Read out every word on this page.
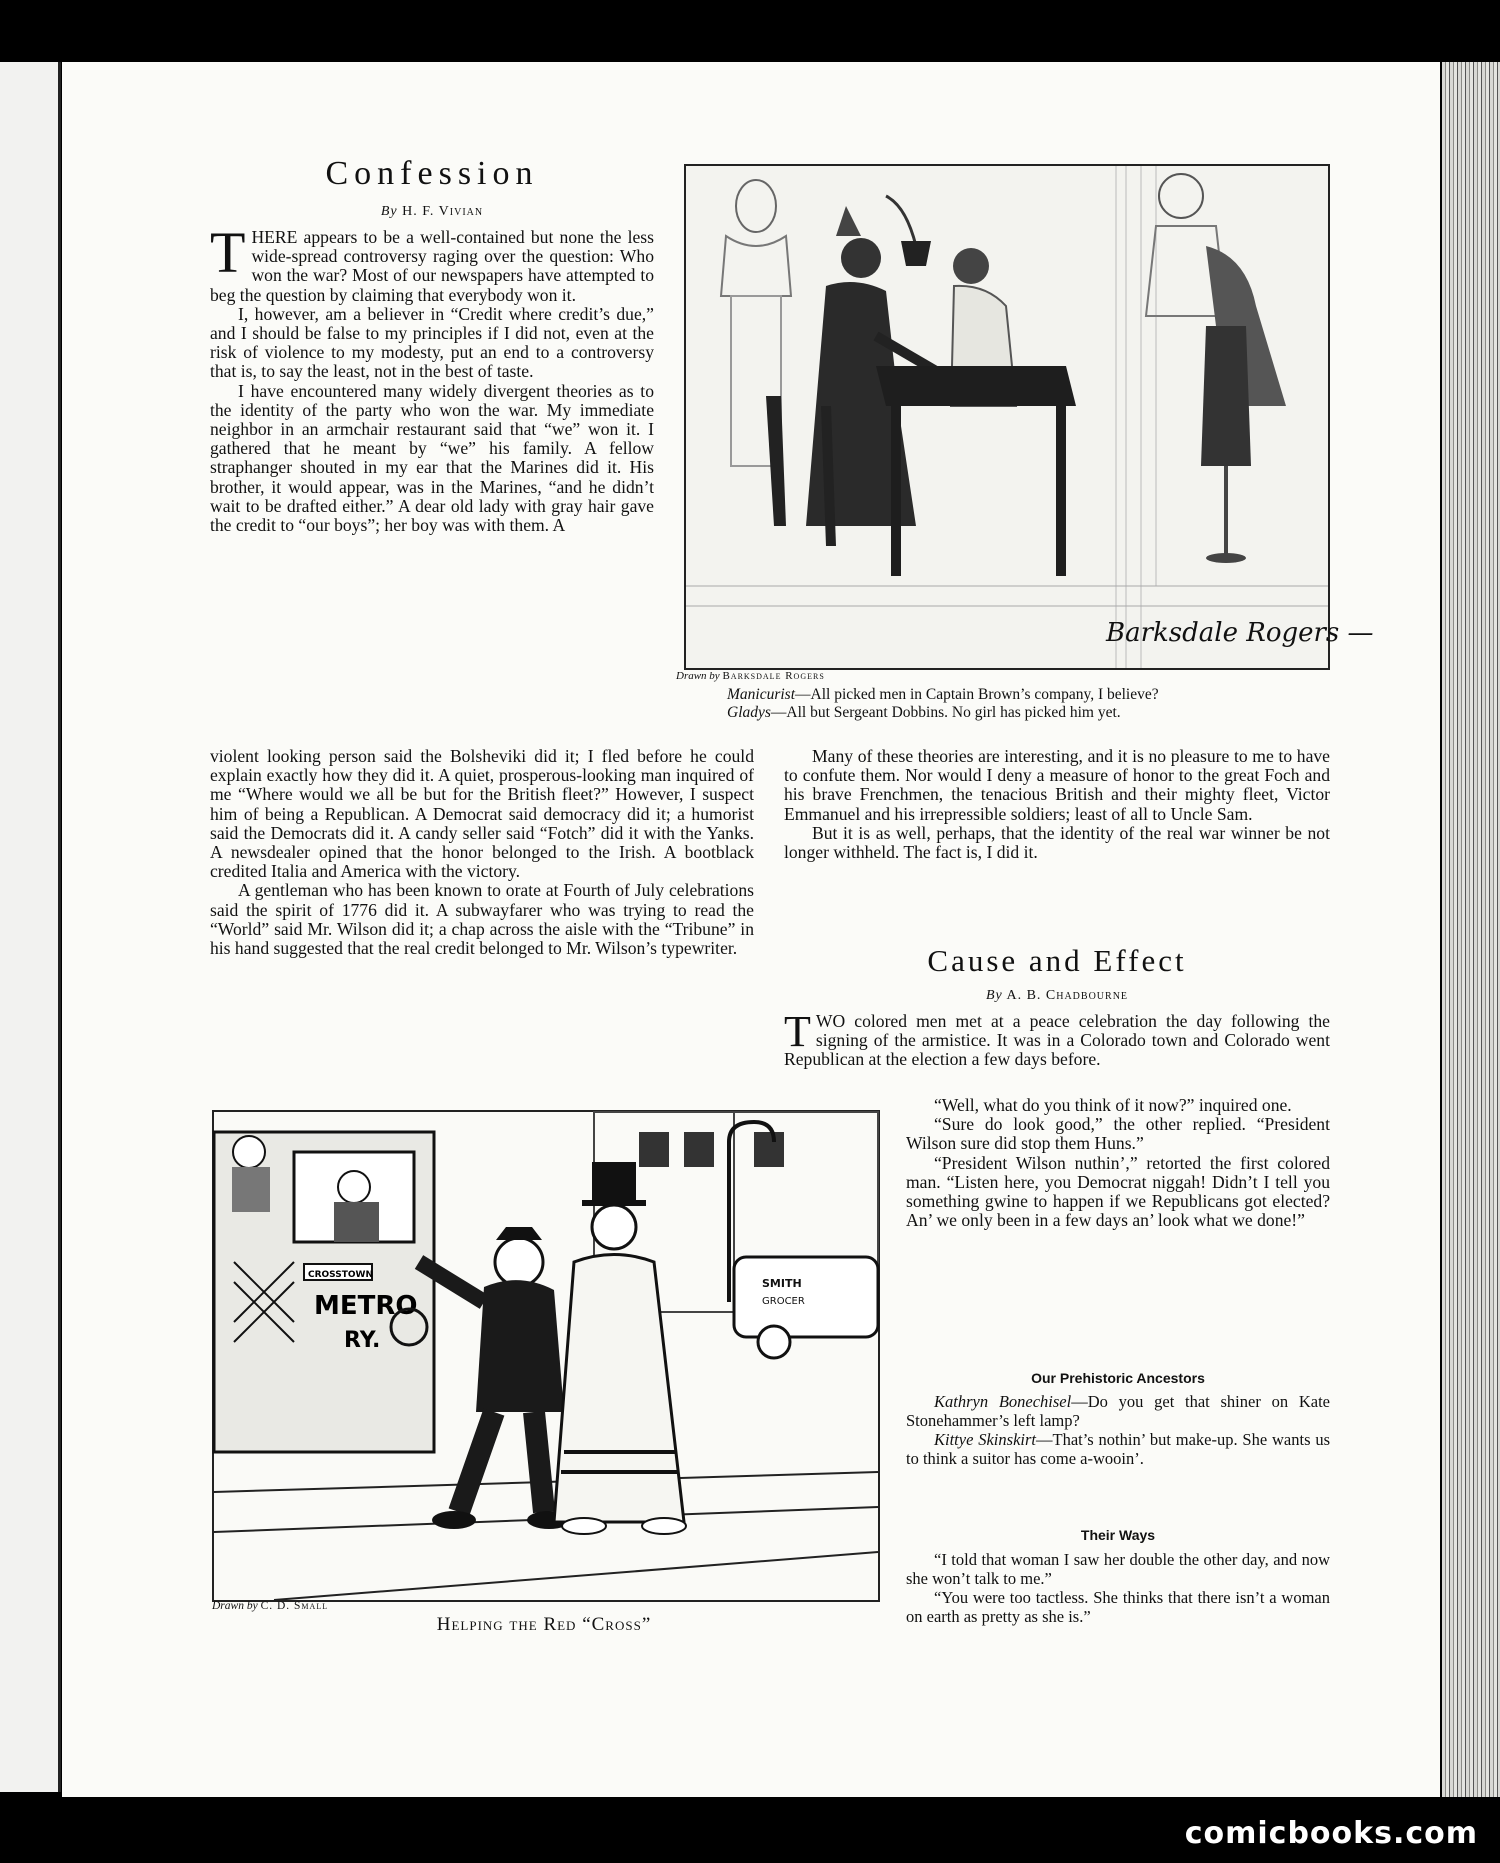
Confession
By H. F. Vivian

THERE appears to be a well-contained but none the less wide-spread controversy raging over the question: Who won the war? Most of our newspapers have attempted to beg the question by claiming that everybody won it.

I, however, am a believer in “Credit where credit’s due,” and I should be false to my principles if I did not, even at the risk of violence to my modesty, put an end to a controversy that is, to say the least, not in the best of taste.

I have encountered many widely divergent theories as to the identity of the party who won the war. My immediate neighbor in an armchair restaurant said that “we” won it. I gathered that he meant by “we” his family. A fellow straphanger shouted in my ear that the Marines did it. His brother, it would appear, was in the Marines, “and he didn’t wait to be drafted either.” A dear old lady with gray hair gave the credit to “our boys”; her boy was with them. A

violent looking person said the Bolsheviki did it; I fled before he could explain exactly how they did it. A quiet, prosperous-looking man inquired of me “Where would we all be but for the British fleet?” However, I suspect him of being a Republican. A Democrat said democracy did it; a humorist said the Democrats did it. A candy seller said “Fotch” did it with the Yanks. A newsdealer opined that the honor belonged to the Irish. A bootblack credited Italia and America with the victory.

A gentleman who has been known to orate at Fourth of July celebrations said the spirit of 1776 did it. A subwayfarer who was trying to read the “World” said Mr. Wilson did it; a chap across the aisle with the “Tribune” in his hand suggested that the real credit belonged to Mr. Wilson’s typewriter.

Barksdale Rogers —
Drawn by Barksdale Rogers
Manicurist—All picked men in Captain Brown’s company, I believe?
Gladys—All but Sergeant Dobbins. No girl has picked him yet.

Many of these theories are interesting, and it is no pleasure to me to have to confute them. Nor would I deny a measure of honor to the great Foch and his brave Frenchmen, the tenacious British and their mighty fleet, Victor Emmanuel and his irrepressible soldiers; least of all to Uncle Sam.

But it is as well, perhaps, that the identity of the real war winner be not longer withheld. The fact is, I did it.

Cause and Effect
By A. B. Chadbourne

TWO colored men met at a peace celebration the day following the signing of the armistice. It was in a Colorado town and Colorado went Republican at the election a few days before.

“Well, what do you think of it now?” inquired one.

“Sure do look good,” the other replied. “President Wilson sure did stop them Huns.”

“President Wilson nuthin’,” retorted the first colored man. “Listen here, you Democrat niggah! Didn’t I tell you something gwine to happen if we Republicans got elected? An’ we only been in a few days an’ look what we done!”

Our Prehistoric Ancestors

Kathryn Bonechisel—Do you get that shiner on Kate Stonehammer’s left lamp?

Kittye Skinskirt—That’s nothin’ but make-up. She wants us to think a suitor has come a-wooin’.

Their Ways

“I told that woman I saw her double the other day, and now she won’t talk to me.”

“You were too tactless. She thinks that there isn’t a woman on earth as pretty as she is.”

CROSSTOWN
METRO
RY.
SMITH
GROCER
Drawn by C. D. Small
Helping the Red “Cross”
comicbooks.com
